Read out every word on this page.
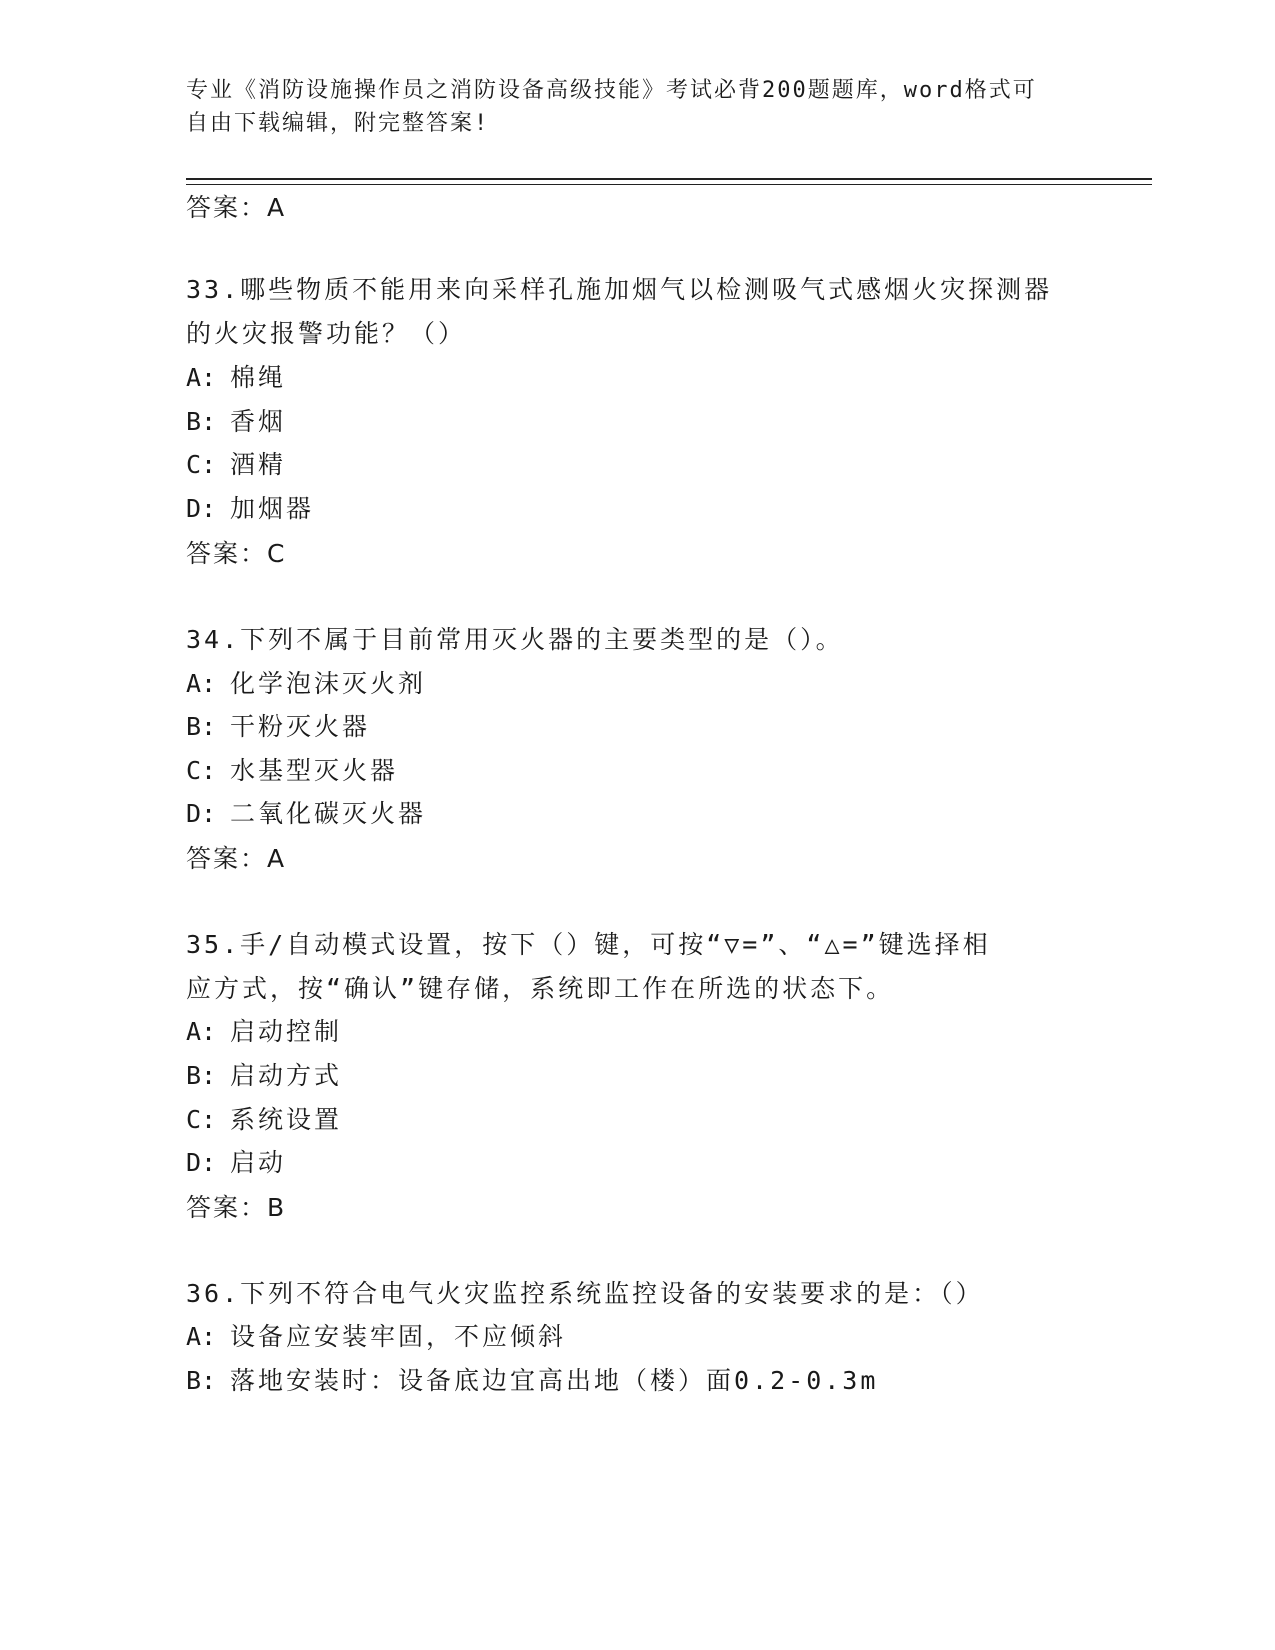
专业《消防设施操作员之消防设备高级技能》考试必背200题题库，word格式可
自由下载编辑，附完整答案!
答案：A
33.哪些物质不能用来向采样孔施加烟气以检测吸气式感烟火灾探测器
的火灾报警功能？（）
A: 棉绳
B: 香烟
C: 酒精
D: 加烟器
答案：C
34.下列不属于目前常用灭火器的主要类型的是（）。
A: 化学泡沫灭火剂
B: 干粉灭火器
C: 水基型灭火器
D: 二氧化碳灭火器
答案：A
35.手/自动模式设置，按下（）键，可按“▽=”、“△=”键选择相
应方式，按“确认”键存储，系统即工作在所选的状态下。
A: 启动控制
B: 启动方式
C: 系统设置
D: 启动
答案：B
36.下列不符合电气火灾监控系统监控设备的安装要求的是：（）
A: 设备应安装牢固，不应倾斜
B: 落地安装时：设备底边宜高出地（楼）面0.2-0.3m
